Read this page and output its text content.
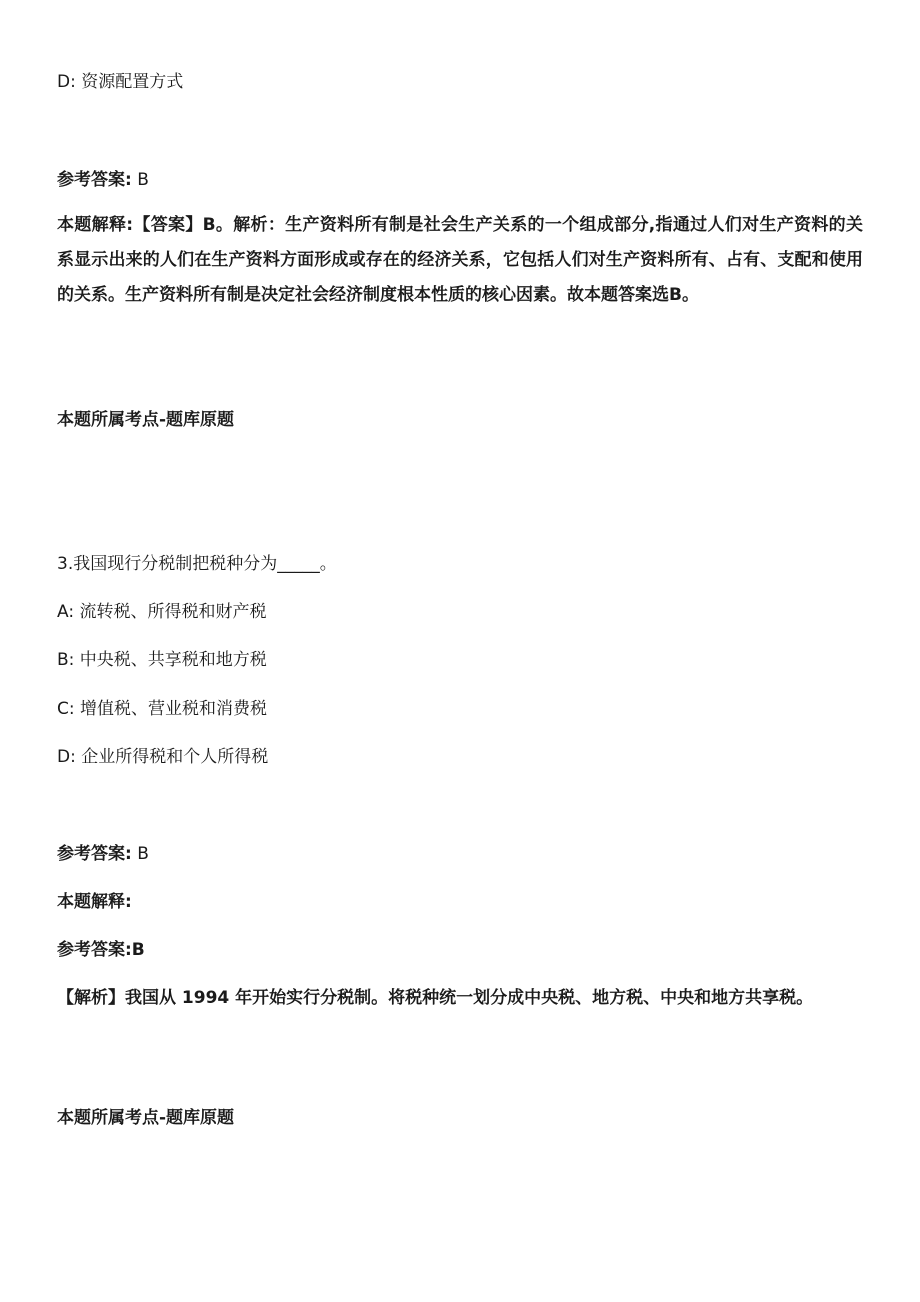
D: 资源配置方式
参考答案: B
本题解释:【答案】B。解析：生产资料所有制是社会生产关系的一个组成部分,指通过人们对生产资料的关系显示出来的人们在生产资料方面形成或存在的经济关系，它包括人们对生产资料所有、占有、支配和使用的关系。生产资料所有制是决定社会经济制度根本性质的核心因素。故本题答案选B。
本题所属考点-题库原题
3.我国现行分税制把税种分为_____。
A: 流转税、所得税和财产税
B: 中央税、共享税和地方税
C: 增值税、营业税和消费税
D: 企业所得税和个人所得税
参考答案: B
本题解释:
参考答案:B
【解析】我国从 1994 年开始实行分税制。将税种统一划分成中央税、地方税、中央和地方共享税。
本题所属考点-题库原题
